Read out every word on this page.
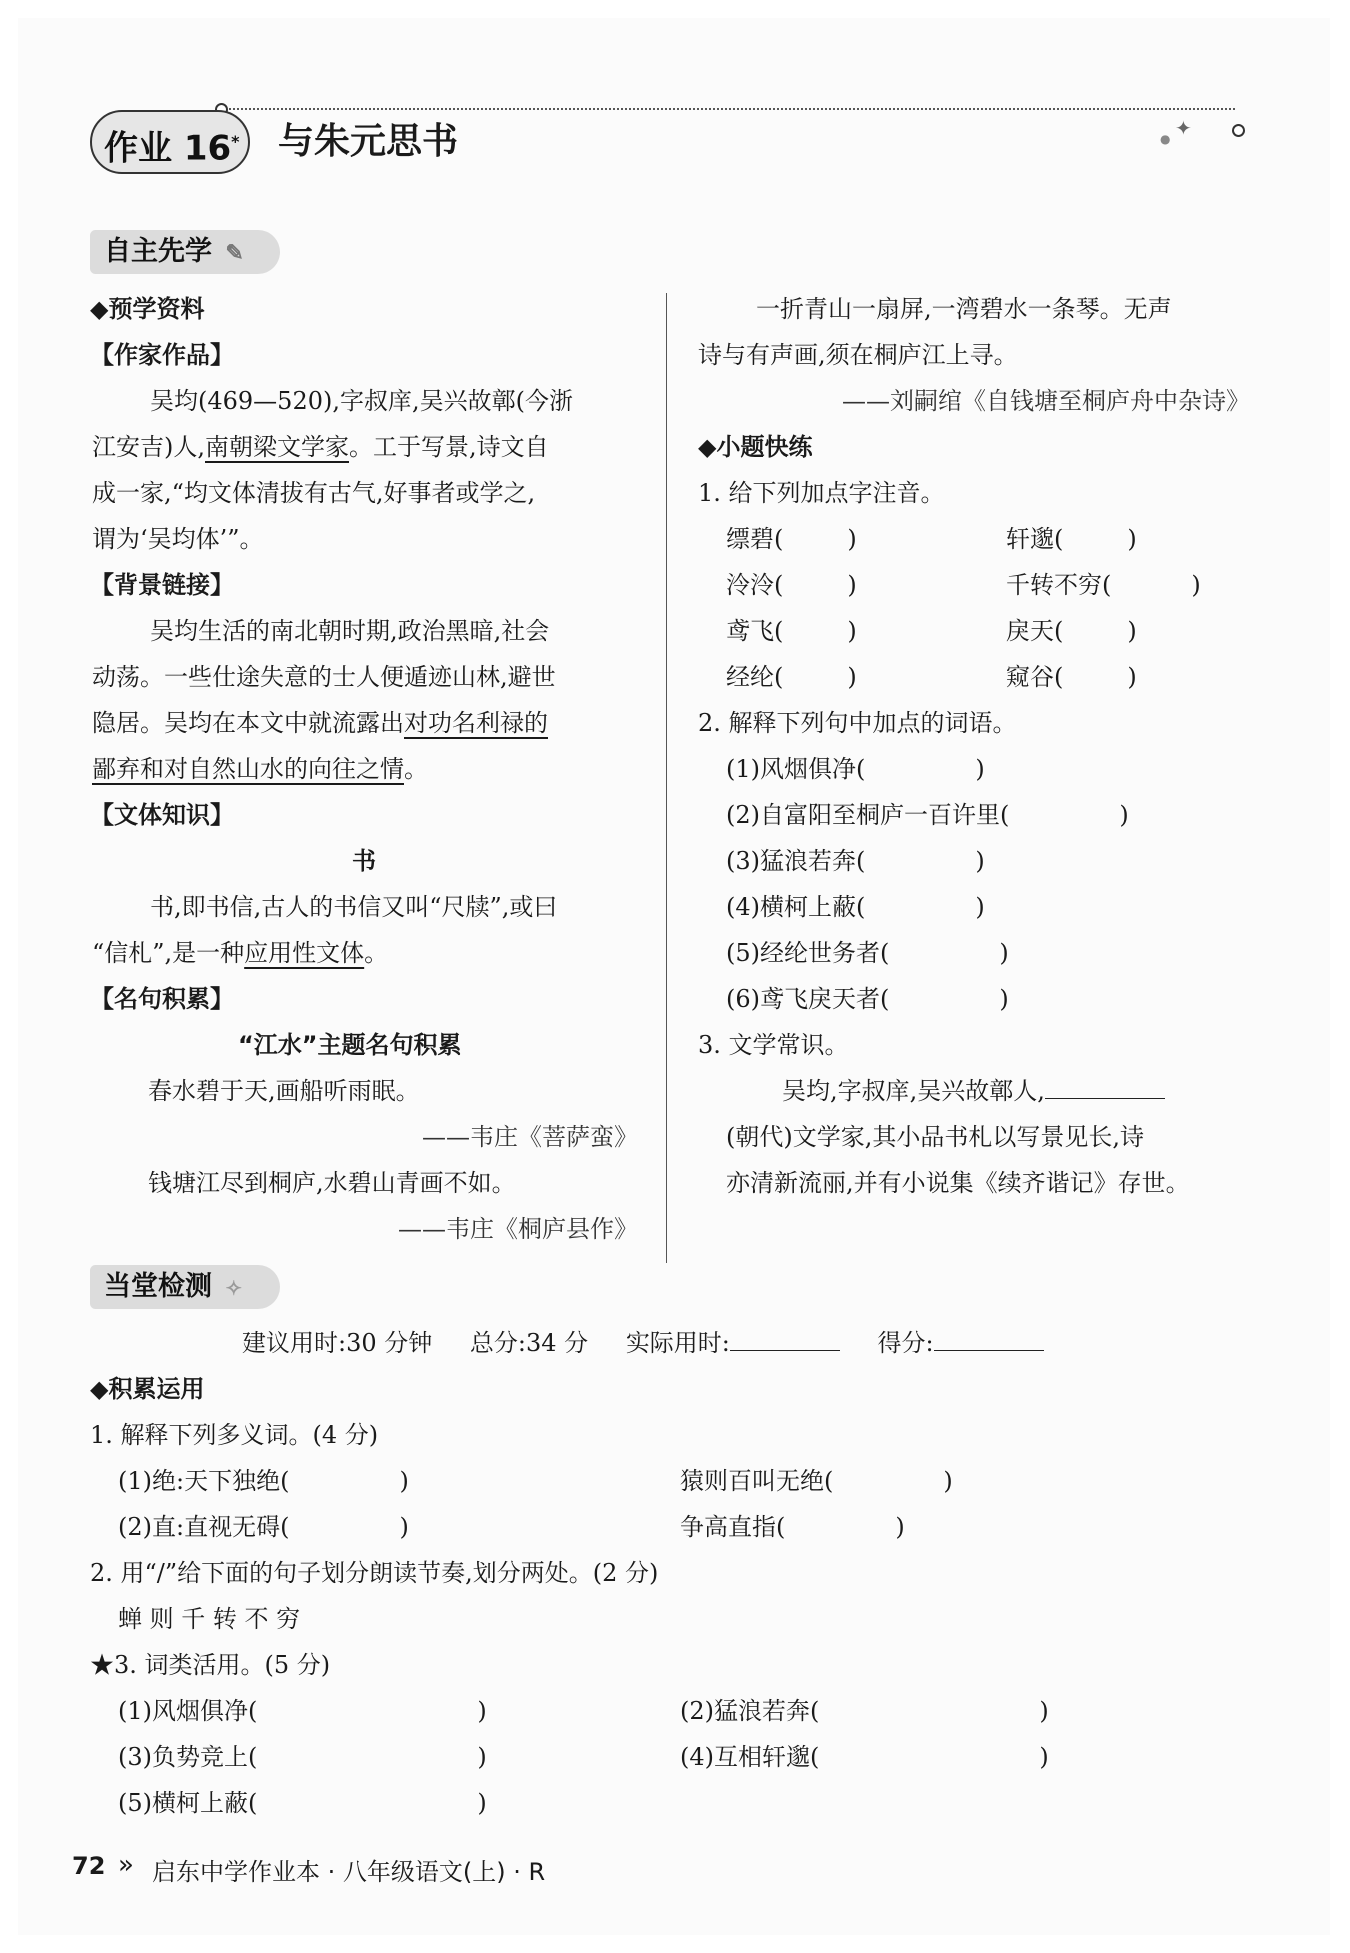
✦
●
作业 16* 与朱元思书
自主先学 ✎
◆预学资料
【作家作品】
吴均(469—520),字叔庠,吴兴故鄣(今浙
江安吉)人,南朝梁文学家。工于写景,诗文自
成一家,“均文体清拔有古气,好事者或学之,
谓为‘吴均体’”。
【背景链接】
吴均生活的南北朝时期,政治黑暗,社会
动荡。一些仕途失意的士人便遁迹山林,避世
隐居。吴均在本文中就流露出对功名利禄的
鄙弃和对自然山水的向往之情。
【文体知识】
书
书,即书信,古人的书信又叫“尺牍”,或曰
“信札”,是一种应用性文体。
【名句积累】
“江水”主题名句积累
春水碧于天,画船听雨眠。
——韦庄《菩萨蛮》
钱塘江尽到桐庐,水碧山青画不如。
——韦庄《桐庐县作》
一折青山一扇屏,一湾碧水一条琴。无声
诗与有声画,须在桐庐江上寻。
——刘嗣绾《自钱塘至桐庐舟中杂诗》
◆小题快练
1. 给下列加点字注音。
缥碧(	)	轩邈(	)
泠泠(	)	千转不穷(	)
鸢飞(	)	戾天(	)
经纶(	)	窥谷(	)
2. 解释下列句中加点的词语。
(1)风烟俱净(	)
(2)自富阳至桐庐一百许里(	)
(3)猛浪若奔(	)
(4)横柯上蔽(	)
(5)经纶世务者(	)
(6)鸢飞戾天者(	)
3. 文学常识。
吴均,字叔庠,吴兴故鄣人,
(朝代)文学家,其小品书札以写景见长,诗
亦清新流丽,并有小说集《续齐谐记》存世。
当堂检测 ✧
建议用时:30 分钟 总分:34 分 实际用时:	得分:
◆积累运用
1. 解释下列多义词。(4 分)
(1)绝:天下独绝(	)	猿则百叫无绝(	)
(2)直:直视无碍(	)	争高直指(	)
2. 用“/”给下面的句子划分朗读节奏,划分两处。(2 分)
蝉 则 千 转 不 穷
★3. 词类活用。(5 分)
(1)风烟俱净(	)	(2)猛浪若奔(	)
(3)负势竞上(	)	(4)互相轩邈(	)
(5)横柯上蔽(	)
72 » 启东中学作业本 · 八年级语文(上) · R
